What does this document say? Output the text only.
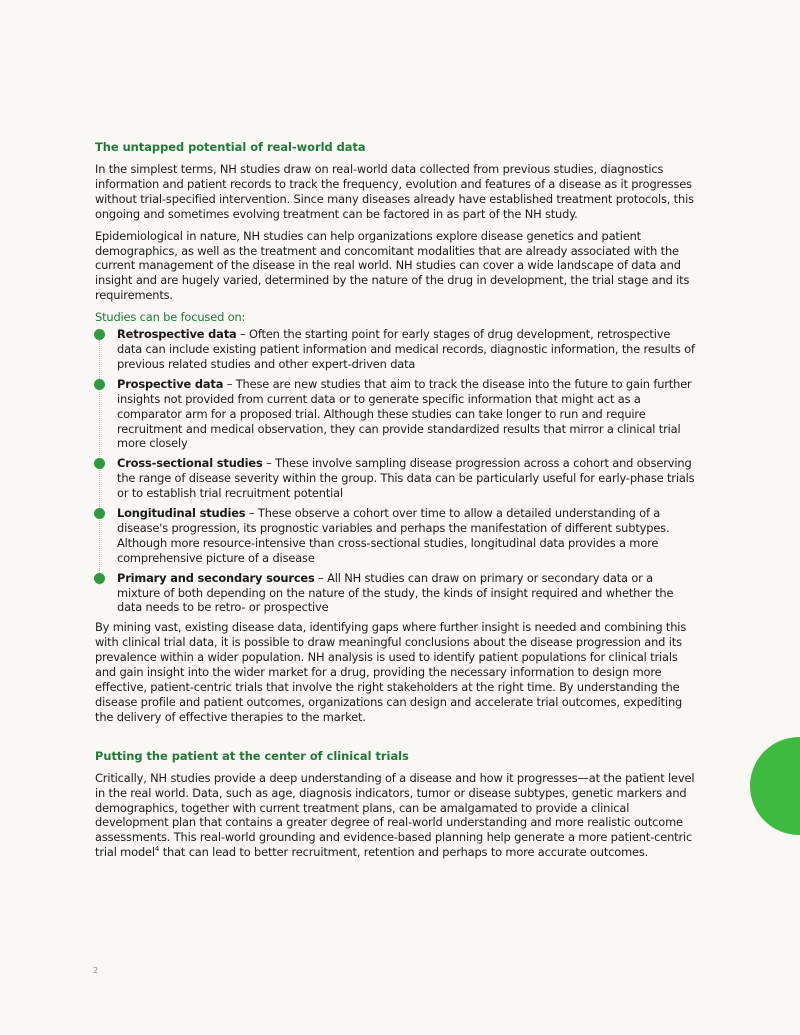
The untapped potential of real-world data

In the simplest terms, NH studies draw on real-world data collected from previous studies, diagnostics information and patient records to track the frequency, evolution and features of a disease as it progresses without trial-specified intervention. Since many diseases already have established treatment protocols, this ongoing and sometimes evolving treatment can be factored in as part of the NH study.

Epidemiological in nature, NH studies can help organizations explore disease genetics and patient demographics, as well as the treatment and concomitant modalities that are already associated with the current management of the disease in the real world. NH studies can cover a wide landscape of data and insight and are hugely varied, determined by the nature of the drug in development, the trial stage and its requirements.

Studies can be focused on:

Retrospective data – Often the starting point for early stages of drug development, retrospective data can include existing patient information and medical records, diagnostic information, the results of previous related studies and other expert-driven data
Prospective data – These are new studies that aim to track the disease into the future to gain further insights not provided from current data or to generate specific information that might act as a comparator arm for a proposed trial. Although these studies can take longer to run and require recruitment and medical observation, they can provide standardized results that mirror a clinical trial more closely
Cross-sectional studies – These involve sampling disease progression across a cohort and observing the range of disease severity within the group. This data can be particularly useful for early-phase trials or to establish trial recruitment potential
Longitudinal studies – These observe a cohort over time to allow a detailed understanding of a disease's progression, its prognostic variables and perhaps the manifestation of different subtypes. Although more resource-intensive than cross-sectional studies, longitudinal data provides a more comprehensive picture of a disease
Primary and secondary sources – All NH studies can draw on primary or secondary data or a mixture of both depending on the nature of the study, the kinds of insight required and whether the data needs to be retro- or prospective

By mining vast, existing disease data, identifying gaps where further insight is needed and combining this with clinical trial data, it is possible to draw meaningful conclusions about the disease progression and its prevalence within a wider population. NH analysis is used to identify patient populations for clinical trials and gain insight into the wider market for a drug, providing the necessary information to design more effective, patient-centric trials that involve the right stakeholders at the right time. By understanding the disease profile and patient outcomes, organizations can design and accelerate trial outcomes, expediting the delivery of effective therapies to the market.

Putting the patient at the center of clinical trials

Critically, NH studies provide a deep understanding of a disease and how it progresses—at the patient level in the real world. Data, such as age, diagnosis indicators, tumor or disease subtypes, genetic markers and demographics, together with current treatment plans, can be amalgamated to provide a clinical development plan that contains a greater degree of real-world understanding and more realistic outcome assessments. This real-world grounding and evidence-based planning help generate a more patient-centric trial model$^4$ that can lead to better recruitment, retention and perhaps to more accurate outcomes.

2
